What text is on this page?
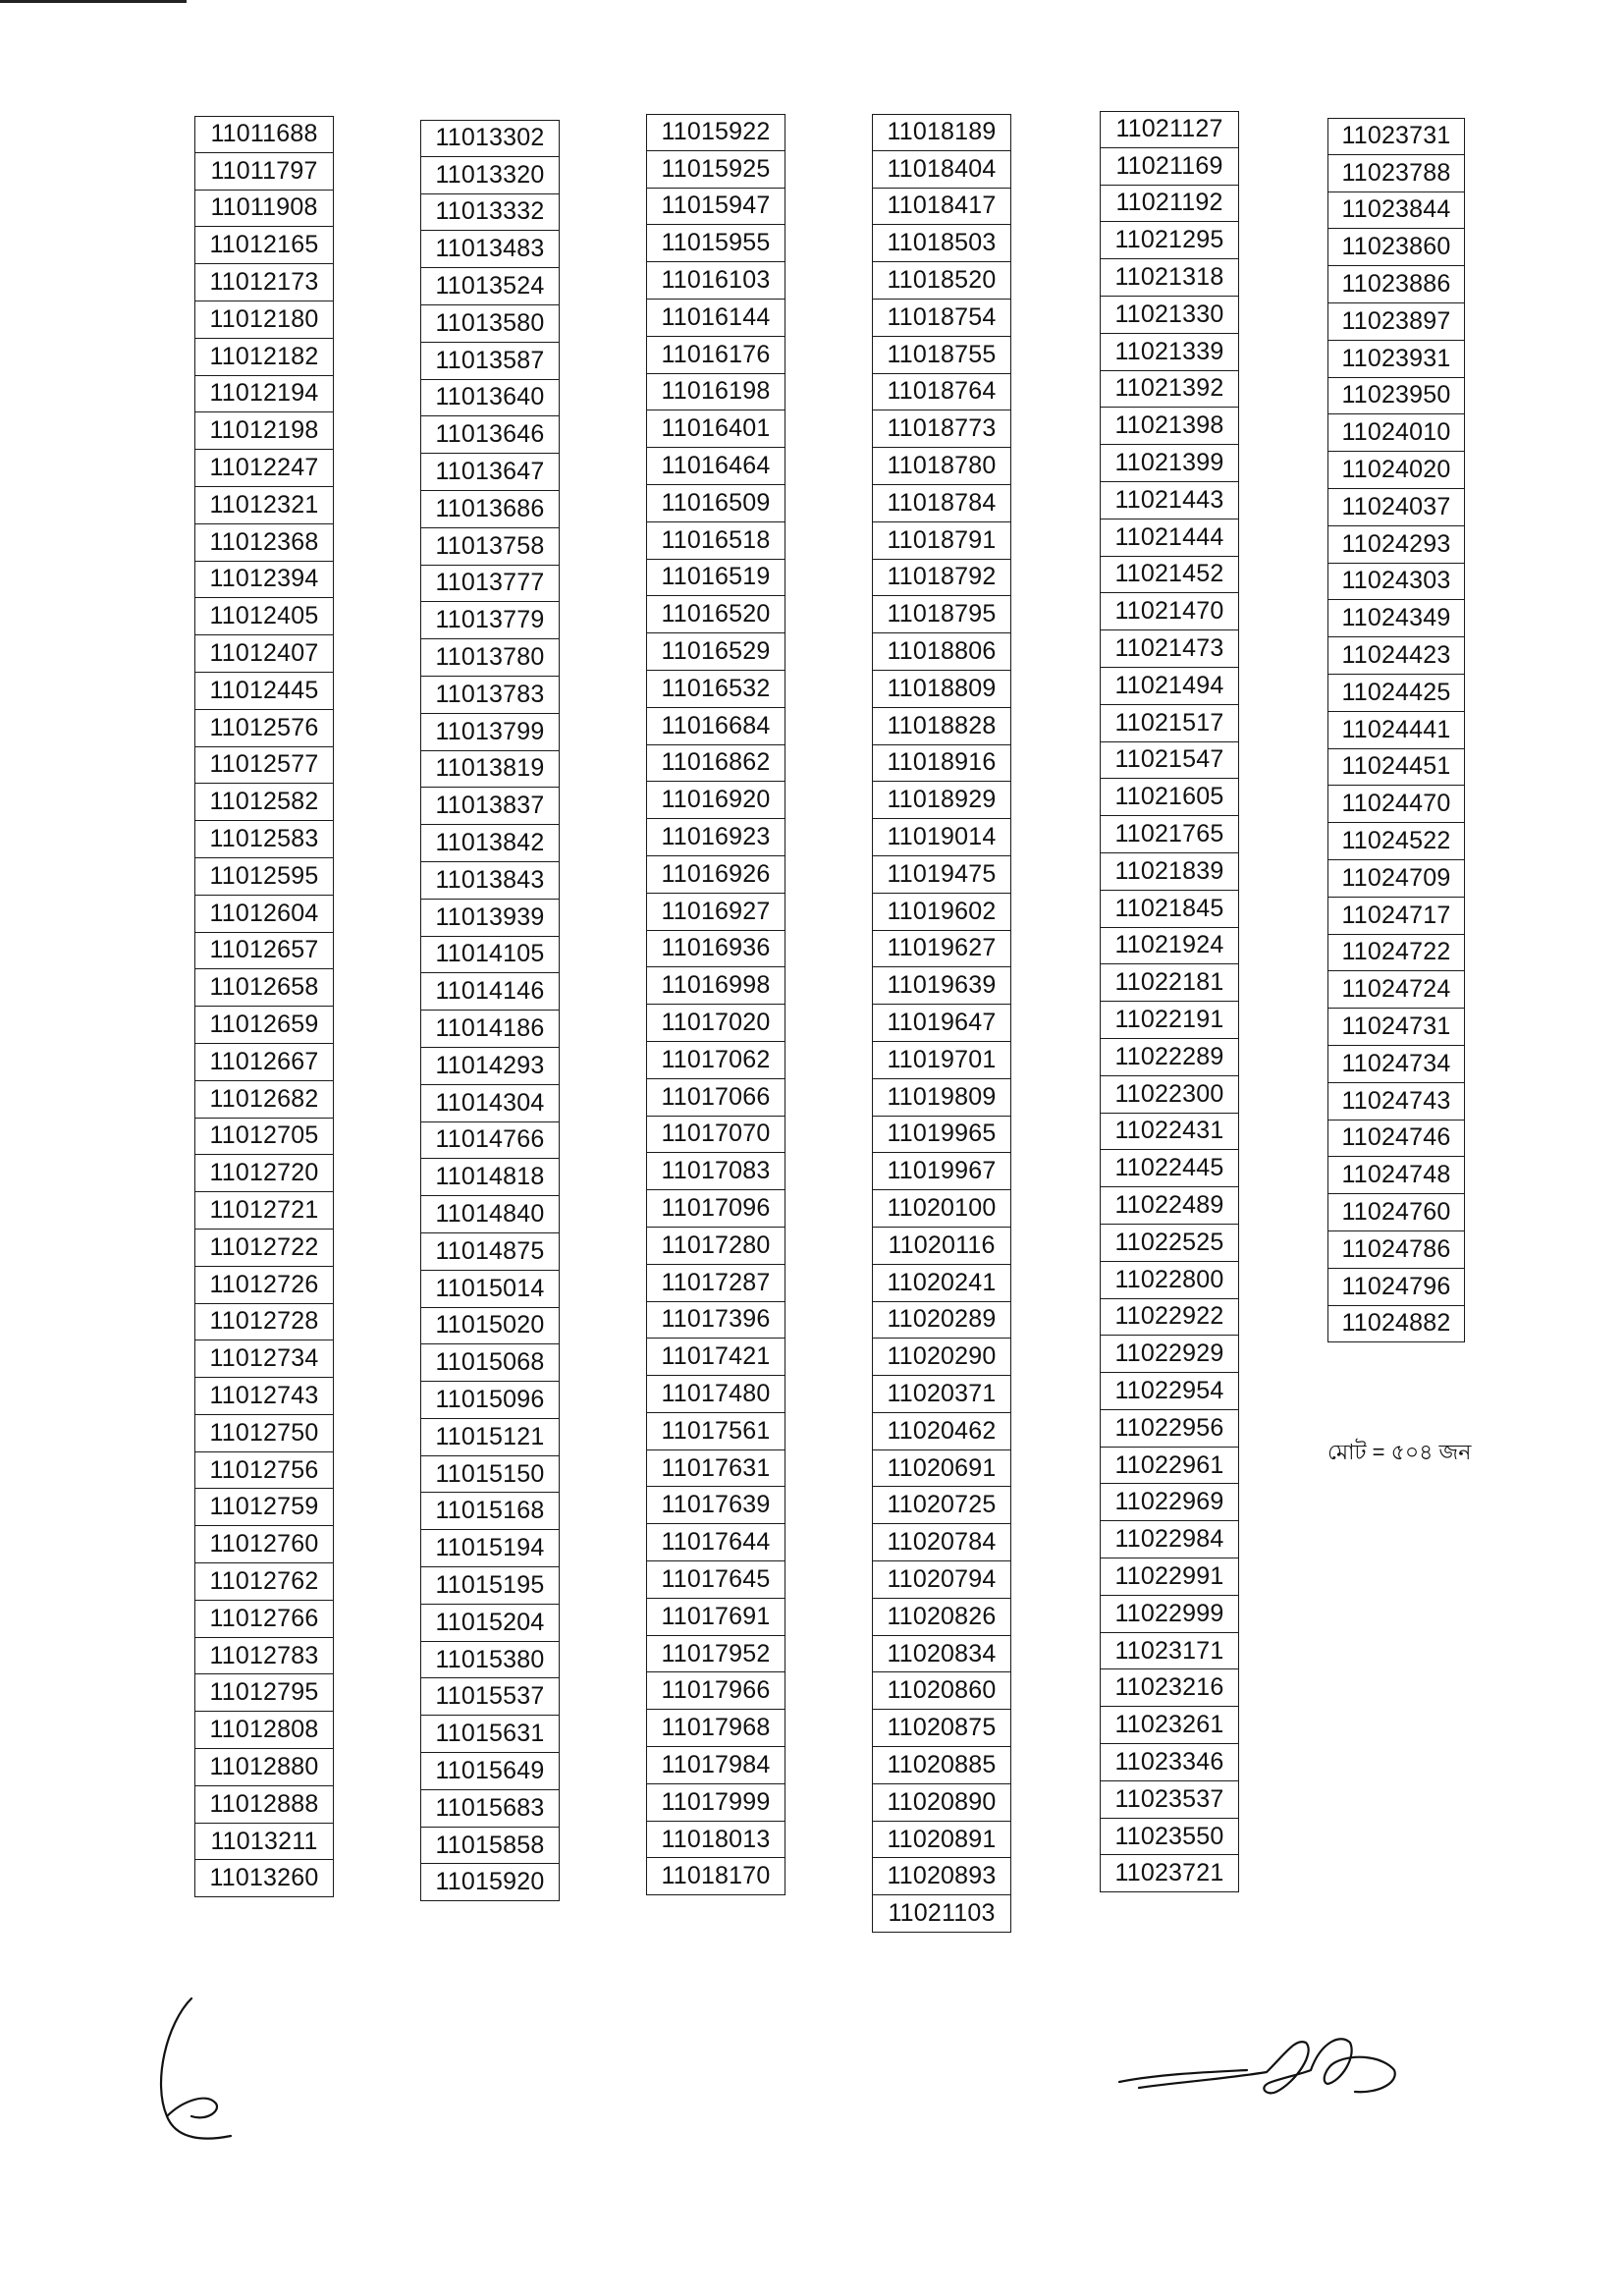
11011688
11011797
11011908
11012165
11012173
11012180
11012182
11012194
11012198
11012247
11012321
11012368
11012394
11012405
11012407
11012445
11012576
11012577
11012582
11012583
11012595
11012604
11012657
11012658
11012659
11012667
11012682
11012705
11012720
11012721
11012722
11012726
11012728
11012734
11012743
11012750
11012756
11012759
11012760
11012762
11012766
11012783
11012795
11012808
11012880
11012888
11013211
11013260
11013302
11013320
11013332
11013483
11013524
11013580
11013587
11013640
11013646
11013647
11013686
11013758
11013777
11013779
11013780
11013783
11013799
11013819
11013837
11013842
11013843
11013939
11014105
11014146
11014186
11014293
11014304
11014766
11014818
11014840
11014875
11015014
11015020
11015068
11015096
11015121
11015150
11015168
11015194
11015195
11015204
11015380
11015537
11015631
11015649
11015683
11015858
11015920
11015922
11015925
11015947
11015955
11016103
11016144
11016176
11016198
11016401
11016464
11016509
11016518
11016519
11016520
11016529
11016532
11016684
11016862
11016920
11016923
11016926
11016927
11016936
11016998
11017020
11017062
11017066
11017070
11017083
11017096
11017280
11017287
11017396
11017421
11017480
11017561
11017631
11017639
11017644
11017645
11017691
11017952
11017966
11017968
11017984
11017999
11018013
11018170
11018189
11018404
11018417
11018503
11018520
11018754
11018755
11018764
11018773
11018780
11018784
11018791
11018792
11018795
11018806
11018809
11018828
11018916
11018929
11019014
11019475
11019602
11019627
11019639
11019647
11019701
11019809
11019965
11019967
11020100
11020116
11020241
11020289
11020290
11020371
11020462
11020691
11020725
11020784
11020794
11020826
11020834
11020860
11020875
11020885
11020890
11020891
11020893
11021103
11021127
11021169
11021192
11021295
11021318
11021330
11021339
11021392
11021398
11021399
11021443
11021444
11021452
11021470
11021473
11021494
11021517
11021547
11021605
11021765
11021839
11021845
11021924
11022181
11022191
11022289
11022300
11022431
11022445
11022489
11022525
11022800
11022922
11022929
11022954
11022956
11022961
11022969
11022984
11022991
11022999
11023171
11023216
11023261
11023346
11023537
11023550
11023721
11023731
11023788
11023844
11023860
11023886
11023897
11023931
11023950
11024010
11024020
11024037
11024293
11024303
11024349
11024423
11024425
11024441
11024451
11024470
11024522
11024709
11024717
11024722
11024724
11024731
11024734
11024743
11024746
11024748
11024760
11024786
11024796
11024882
মোট = ৫০৪ জন
